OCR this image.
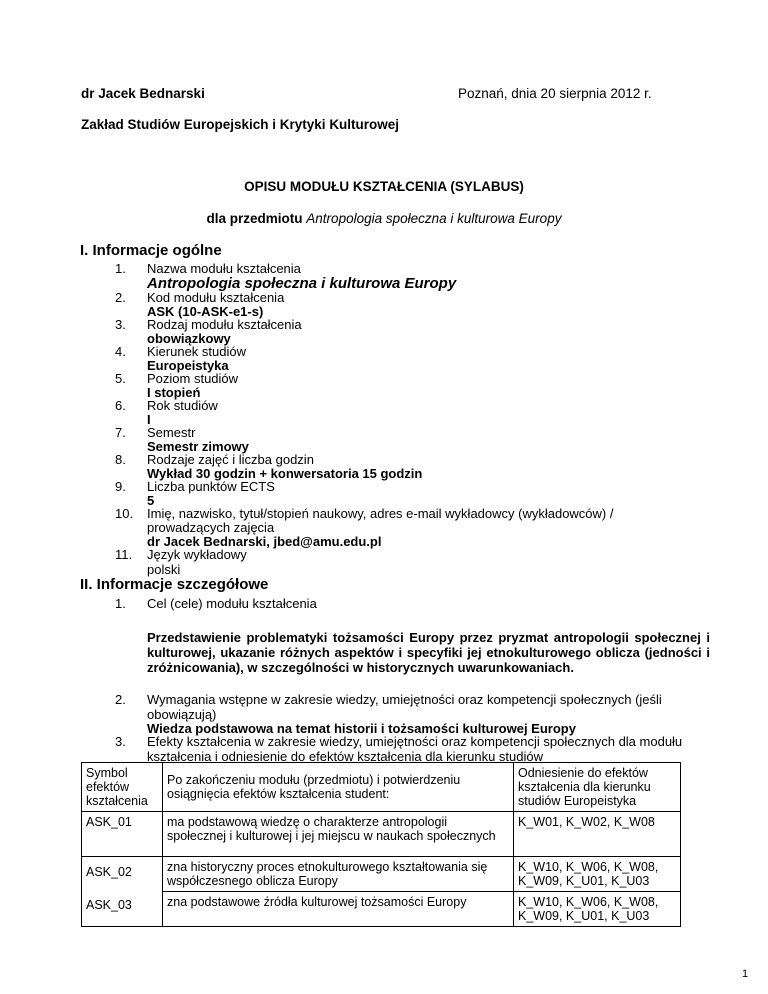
dr Jacek Bednarski	Poznań, dnia 20 sierpnia 2012 r.
Zakład Studiów Europejskich i Krytyki Kulturowej
OPISU MODUŁU KSZTAŁCENIA (SYLABUS)
dla przedmiotu Antropologia społeczna i kulturowa Europy
I. Informacje ogólne
1.	Nazwa modułu kształcenia
Antropologia społeczna i kulturowa Europy
2.	Kod modułu kształcenia
ASK (10-ASK-e1-s)
3.	Rodzaj modułu kształcenia
obowiązkowy
4.	Kierunek studiów
Europeistyka
5.	Poziom studiów
I stopień
6.	Rok studiów
I
7.	Semestr
Semestr zimowy
8.	Rodzaje zajęć i liczba godzin
Wykład 30 godzin + konwersatoria 15 godzin
9.	Liczba punktów ECTS
5
10.	Imię, nazwisko, tytuł/stopień naukowy, adres e-mail wykładowcy (wykładowców) /
prowadzących zajęcia
dr Jacek Bednarski, jbed@amu.edu.pl
11.	Język wykładowy
polski
II. Informacje szczegółowe
1.	Cel (cele) modułu kształcenia
Przedstawienie problematyki tożsamości Europy przez pryzmat antropologii społecznej i kulturowej, ukazanie różnych aspektów i specyfiki jej etnokulturowego oblicza (jedności i zróżnicowania), w szczególności w historycznych uwarunkowaniach.
2.	Wymagania wstępne w zakresie wiedzy, umiejętności oraz kompetencji społecznych (jeśli
obowiązują)
Wiedza podstawowa na temat historii i tożsamości kulturowej Europy
3.	Efekty kształcenia w zakresie wiedzy, umiejętności oraz kompetencji społecznych dla modułu
kształcenia i odniesienie do efektów kształcenia dla kierunku studiów
Symbol efektów kształcenia	Po zakończeniu modułu (przedmiotu) i potwierdzeniu osiągnięcia efektów kształcenia student:	Odniesienie do efektów kształcenia dla kierunku studiów Europeistyka
ASK_01	ma podstawową wiedzę o charakterze antropologii społecznej i kulturowej i jej miejscu w naukach społecznych	K_W01, K_W02, K_W08
ASK_02	zna historyczny proces etnokulturowego kształtowania się współczesnego oblicza Europy	K_W10, K_W06, K_W08, K_W09, K_U01, K_U03
ASK_03	zna podstawowe źródła kulturowej tożsamości Europy	K_W10, K_W06, K_W08, K_W09, K_U01, K_U03
1
